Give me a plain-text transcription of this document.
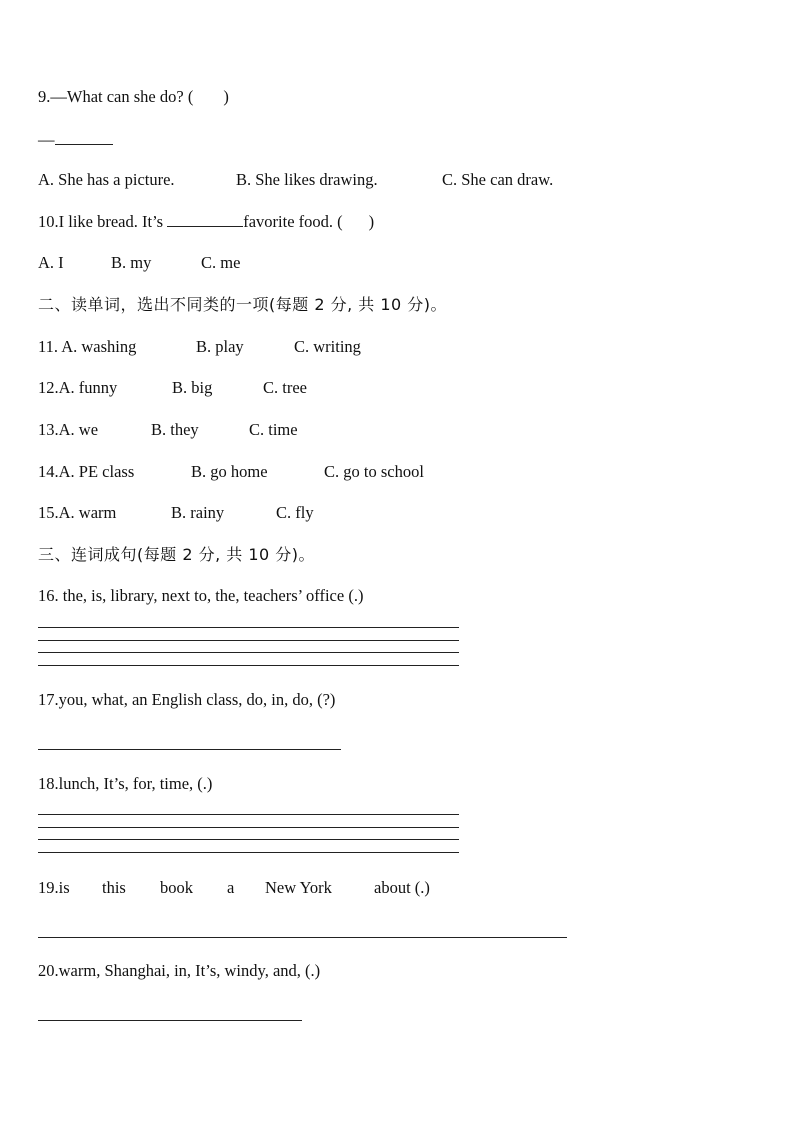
9.—What can she do? ( )
—
A. She has a picture.	B. She likes drawing.	C. She can draw.
10.I like bread. It’s	favorite food. ( )
A. I	B. my	C. me
二、读单词，选出不同类的一项(每题 2 分, 共 10 分)。
11. A. washing	B. play	C. writing
12.A. funny	B. big	C. tree
13.A. we	B. they	C. time
14.A. PE class	B. go home	C. go to school
15.A. warm	B. rainy	C. fly
三、连词成句(每题 2 分, 共 10 分)。
16. the, is, library, next to, the, teachers’ office (.)
17.you, what, an English class, do, in, do, (?)
18.lunch, It’s, for, time, (.)
19.is this book a New York	about (.)
20.warm, Shanghai, in, It’s, windy, and, (.)
